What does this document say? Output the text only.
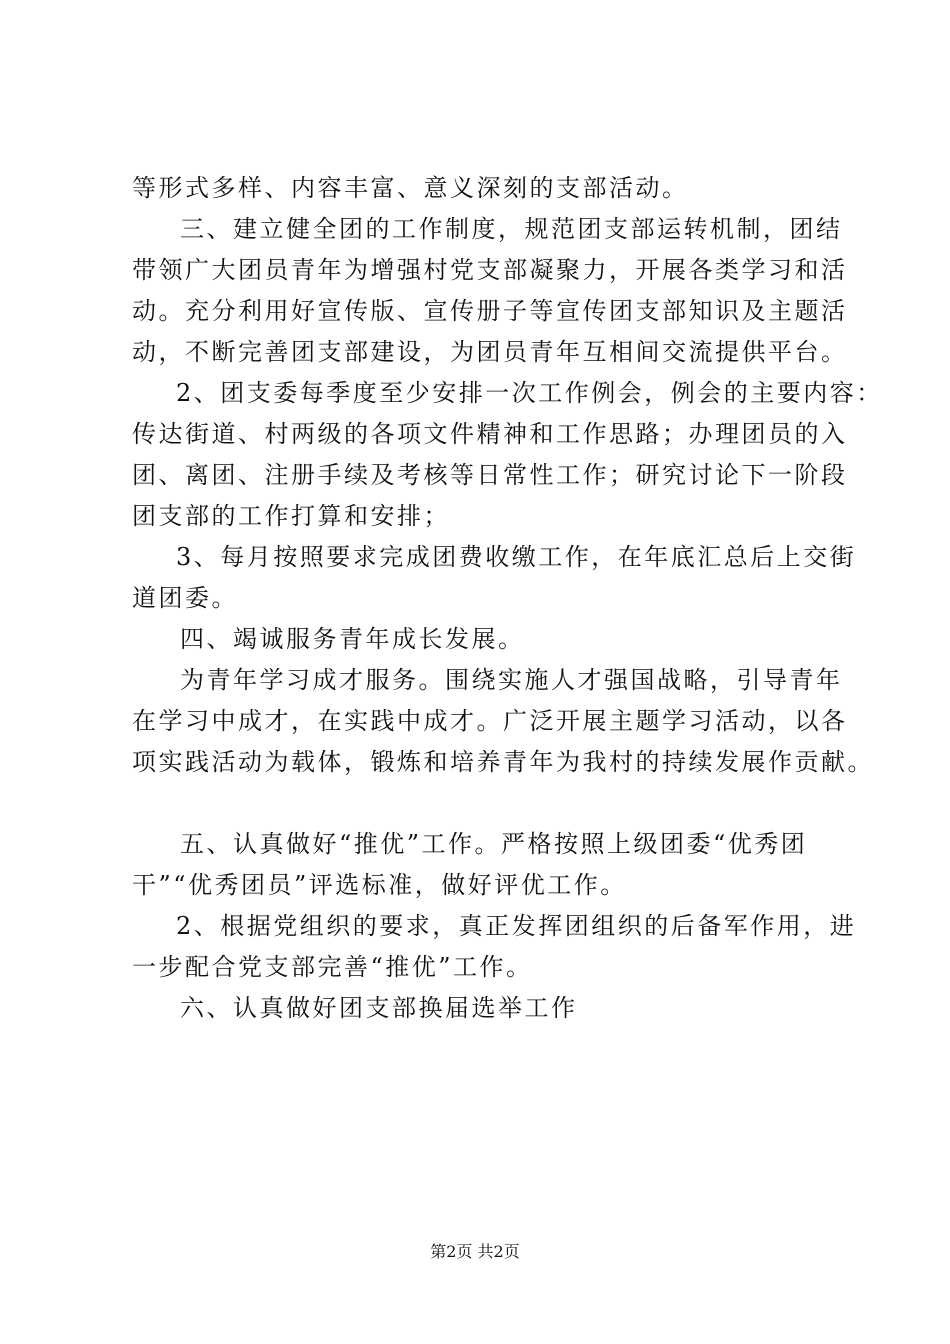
等形式多样、内容丰富、意义深刻的支部活动。
三、建立健全团的工作制度，规范团支部运转机制，团结
带领广大团员青年为增强村党支部凝聚力，开展各类学习和活
动。充分利用好宣传版、宣传册子等宣传团支部知识及主题活
动，不断完善团支部建设，为团员青年互相间交流提供平台。
2、团支委每季度至少安排一次工作例会，例会的主要内容：
传达街道、村两级的各项文件精神和工作思路；办理团员的入
团、离团、注册手续及考核等日常性工作；研究讨论下一阶段
团支部的工作打算和安排；
3、每月按照要求完成团费收缴工作，在年底汇总后上交街
道团委。
四、竭诚服务青年成长发展。
为青年学习成才服务。围绕实施人才强国战略，引导青年
在学习中成才，在实践中成才。广泛开展主题学习活动，以各
项实践活动为载体，锻炼和培养青年为我村的持续发展作贡献。
五、认真做好“推优”工作。严格按照上级团委“优秀团
干”“优秀团员”评选标准，做好评优工作。
2、根据党组织的要求，真正发挥团组织的后备军作用，进
一步配合党支部完善“推优”工作。
六、认真做好团支部换届选举工作
第2页 共2页
